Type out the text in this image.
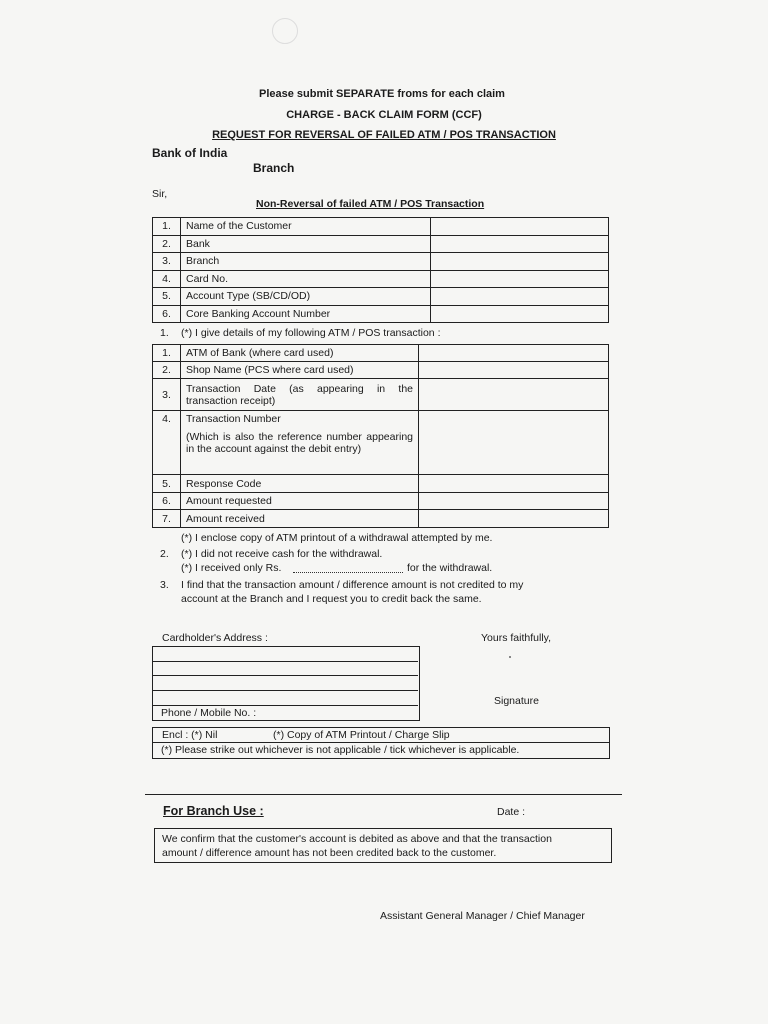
Please submit SEPARATE froms for each claim
CHARGE - BACK CLAIM FORM (CCF)
REQUEST FOR REVERSAL OF FAILED ATM / POS TRANSACTION
Bank of India
Branch
Sir,
Non-Reversal of failed ATM / POS Transaction
1.	Name of the Customer	
2.	Bank	
3.	Branch	
4.	Card No.	
5.	Account Type (SB/CD/OD)	
6.	Core Banking Account Number	
1. (*) I give details of my following ATM / POS transaction :
1.	ATM of Bank (where card used)	
2.	Shop Name (PCS where card used)	
3.	Transaction Date (as appearing in the transaction receipt)	
4.	Transaction Number
(Which is also the reference number appearing in the account against the debit entry)	

5.	Response Code	
6.	Amount requested	
7.	Amount received	
(*) I enclose copy of ATM printout of a withdrawal attempted by me.
2. (*) I did not receive cash for the withdrawal.
(*) I received only Rs.	for the withdrawal.
3. I find that the transaction amount / difference amount is not credited to my
account at the Branch and I request you to credit back the same.
Cardholder's Address :	Yours faithfully,
Phone / Mobile No. :
Signature
Encl : (*) Nil	(*) Copy of ATM Printout / Charge Slip
(*) Please strike out whichever is not applicable / tick whichever is applicable.
For Branch Use :	Date :
We confirm that the customer's account is debited as above and that the transaction
amount / difference amount has not been credited back to the customer.
Assistant General Manager / Chief Manager
